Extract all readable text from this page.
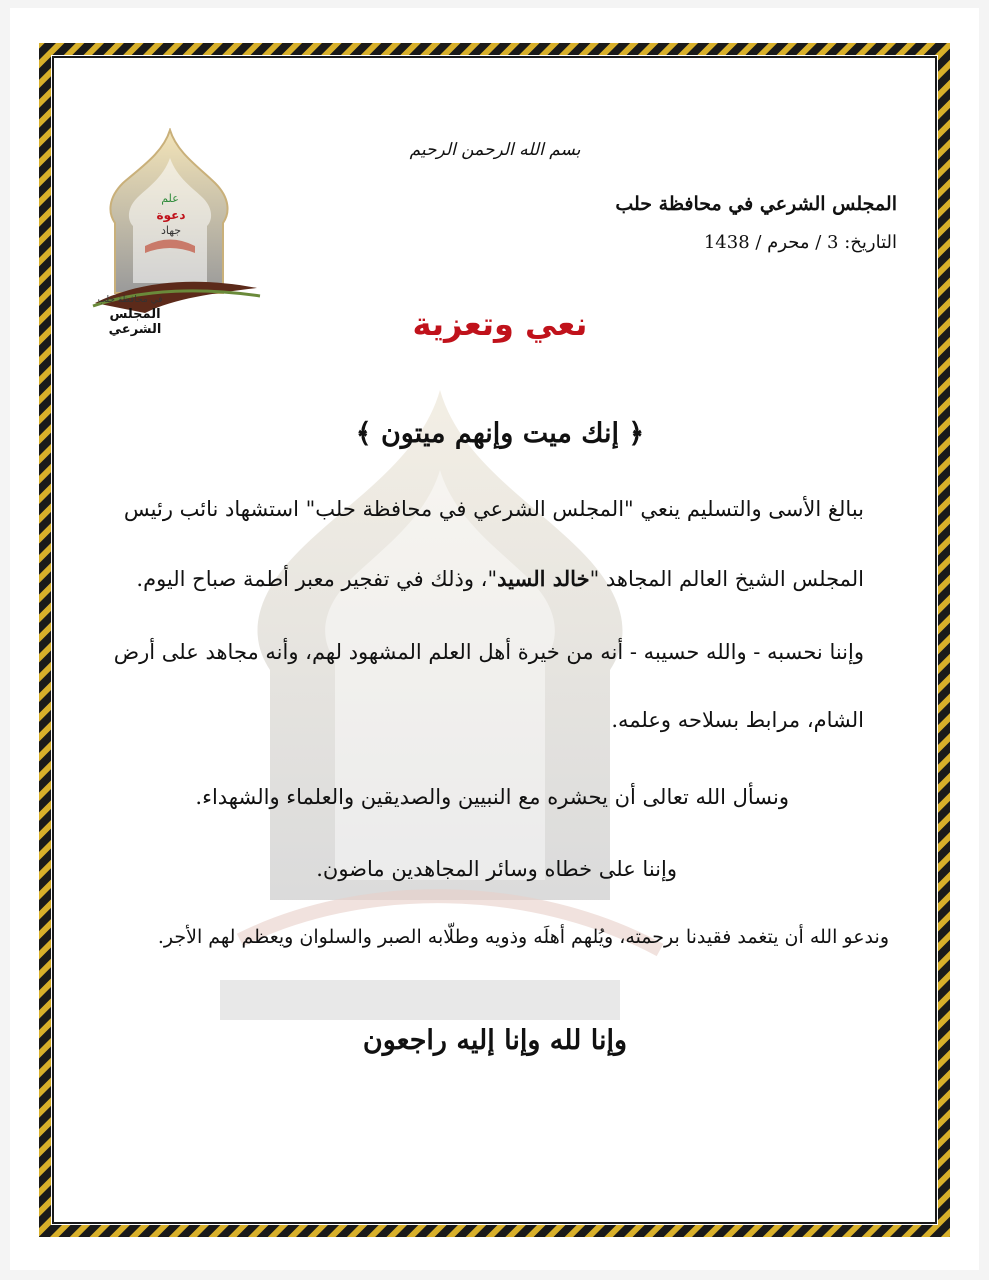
علم
دعوة
جهاد
في محافظة حلب
المجلس الشرعي
بسم الله الرحمن الرحيم
المجلس الشرعي في محافظة حلب
التاريخ: 3 / محرم / 1438
نعي وتعزية
﴿ إنك ميت وإنهم ميتون ﴾
ببالغ الأسى والتسليم ينعي "المجلس الشرعي في محافظة حلب" استشهاد نائب رئيس
المجلس الشيخ العالم المجاهد "خالد السيد"، وذلك في تفجير معبر أطمة صباح اليوم.
وإننا نحسبه - والله حسيبه - أنه من خيرة أهل العلم المشهود لهم، وأنه مجاهد على أرض
الشام، مرابط بسلاحه وعلمه.
ونسأل الله تعالى أن يحشره مع النبيين والصديقين والعلماء والشهداء.
وإننا على خطاه وسائر المجاهدين ماضون.
وندعو الله أن يتغمد فقيدنا برحمته، ويُلهم أهلَه وذويه وطلّابه الصبر والسلوان ويعظم لهم الأجر.
وإنا لله وإنا إليه راجعون
